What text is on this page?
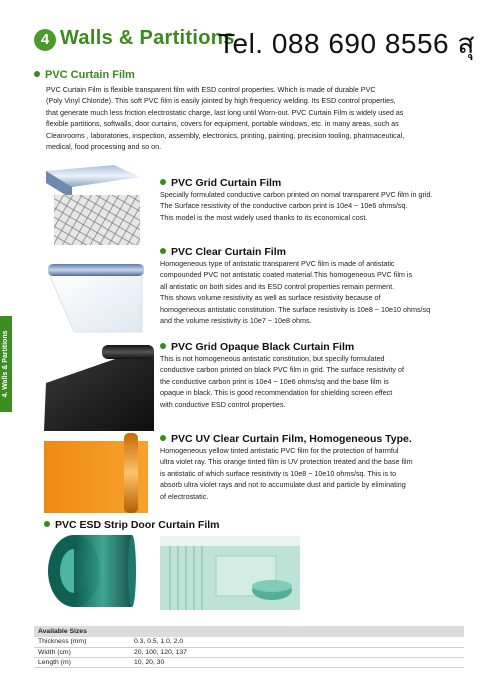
4 Walls & Partitions
Tel. 088 690 8556 สุ
4. Walls & Partitions
PVC Curtain Film
PVC Curtain Film is flexible transparent film with ESD control properties. Which is made of durable PVC
(Poly Vinyl Chloride). This soft PVC film is easily jointed by high frequency welding. Its ESD control properties,
that generate much less friction electrostatic charge, last long until Worn-out. PVC Curtain Film is widely used as
flexible partitions, softwalls, door curtains, covers for equipment, portable windows, etc. in many areas, such as
Cleanrooms , laboratories, inspection, assembly, electronics, printing, painting, precision tooling, pharmaceutical,
medical, food processing and so on.
PVC Grid Curtain Film
Specially formulated conductive carbon printed on nomal transparent PVC film in grid.
The Surface resistivity of the conductive carbon print is 10e4 ~ 10e6 ohms/sq.
This model is the most widely used thanks to its economical cost.
PVC Clear Curtain Film
Homogeneous type of antistatic transparent PVC film is made of antistatic
compounded PVC not antistatic coated material.This homogeneous PVC film is
all antistatic on both sides and its ESD control properties remain perment.
This shows volume resistivity as well as surface resistivity because of
homogeneous antistatic constitution. The surface resistivity is 10e8 ~ 10e10 ohms/sq
and the volume resistivity is 10e7 ~ 10e8 ohms.
PVC Grid Opaque Black Curtain Film
This is not homogeneous antistatic constitution, but specilly formulated
conductive carbon printed on black PVC film in grid. The surface resistivity of
the conductive carbon print is 10e4 ~ 10e6 ohms/sq and the base film is
opaque in black. This is good recommendation for shielding screen effect
with conductive ESD control properties.
PVC UV Clear Curtain Film, Homogeneous Type.
Homogeneous yellow tinted antistatic PVC film for the protection of harmful
ultra violet ray. This orange tinted film is UV protection treated and the base film
is antistatic of which surface resistivity is 10e8 ~ 10e10 ohms/sq. This is to
absorb ultra violet rays and not to accumulate dust and particle by eliminating
of electrostatic.
PVC ESD Strip Door Curtain Film
Available Sizes	
Thickness (mm)	0.3, 0.5, 1.0, 2.0
Width (cm)	20, 100, 120, 137
Length (m)	10, 20, 30
